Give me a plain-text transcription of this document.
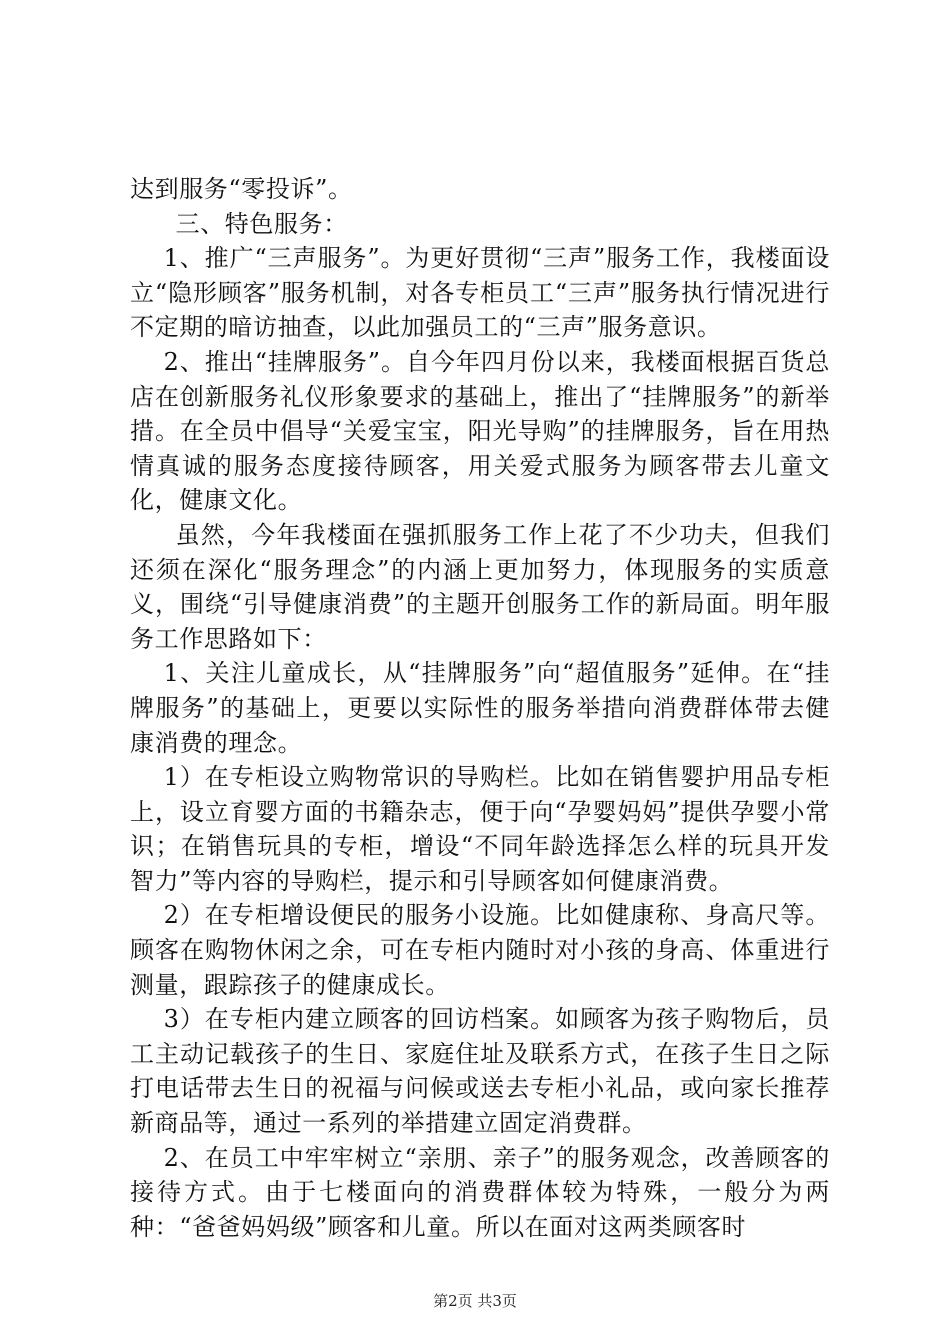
达到服务“零投诉”。

三、特色服务：

1、推广“三声服务”。为更好贯彻“三声”服务工作，我楼面设立“隐形顾客”服务机制，对各专柜员工“三声”服务执行情况进行不定期的暗访抽查，以此加强员工的“三声”服务意识。

2、推出“挂牌服务”。自今年四月份以来，我楼面根据百货总店在创新服务礼仪形象要求的基础上，推出了“挂牌服务”的新举措。在全员中倡导“关爱宝宝，阳光导购”的挂牌服务，旨在用热情真诚的服务态度接待顾客，用关爱式服务为顾客带去儿童文化，健康文化。

虽然，今年我楼面在强抓服务工作上花了不少功夫，但我们还须在深化“服务理念”的内涵上更加努力，体现服务的实质意义，围绕“引导健康消费”的主题开创服务工作的新局面。明年服务工作思路如下：

1、关注儿童成长，从“挂牌服务”向“超值服务”延伸。在“挂牌服务”的基础上，更要以实际性的服务举措向消费群体带去健康消费的理念。

1）在专柜设立购物常识的导购栏。比如在销售婴护用品专柜上，设立育婴方面的书籍杂志，便于向“孕婴妈妈”提供孕婴小常识；在销售玩具的专柜，增设“不同年龄选择怎么样的玩具开发智力”等内容的导购栏，提示和引导顾客如何健康消费。

2）在专柜增设便民的服务小设施。比如健康称、身高尺等。顾客在购物休闲之余，可在专柜内随时对小孩的身高、体重进行测量，跟踪孩子的健康成长。

3）在专柜内建立顾客的回访档案。如顾客为孩子购物后，员工主动记载孩子的生日、家庭住址及联系方式，在孩子生日之际打电话带去生日的祝福与问候或送去专柜小礼品，或向家长推荐新商品等，通过一系列的举措建立固定消费群。

2、在员工中牢牢树立“亲朋、亲子”的服务观念，改善顾客的接待方式。由于七楼面向的消费群体较为特殊，一般分为两种：“爸爸妈妈级”顾客和儿童。所以在面对这两类顾客时

第2页 共3页
